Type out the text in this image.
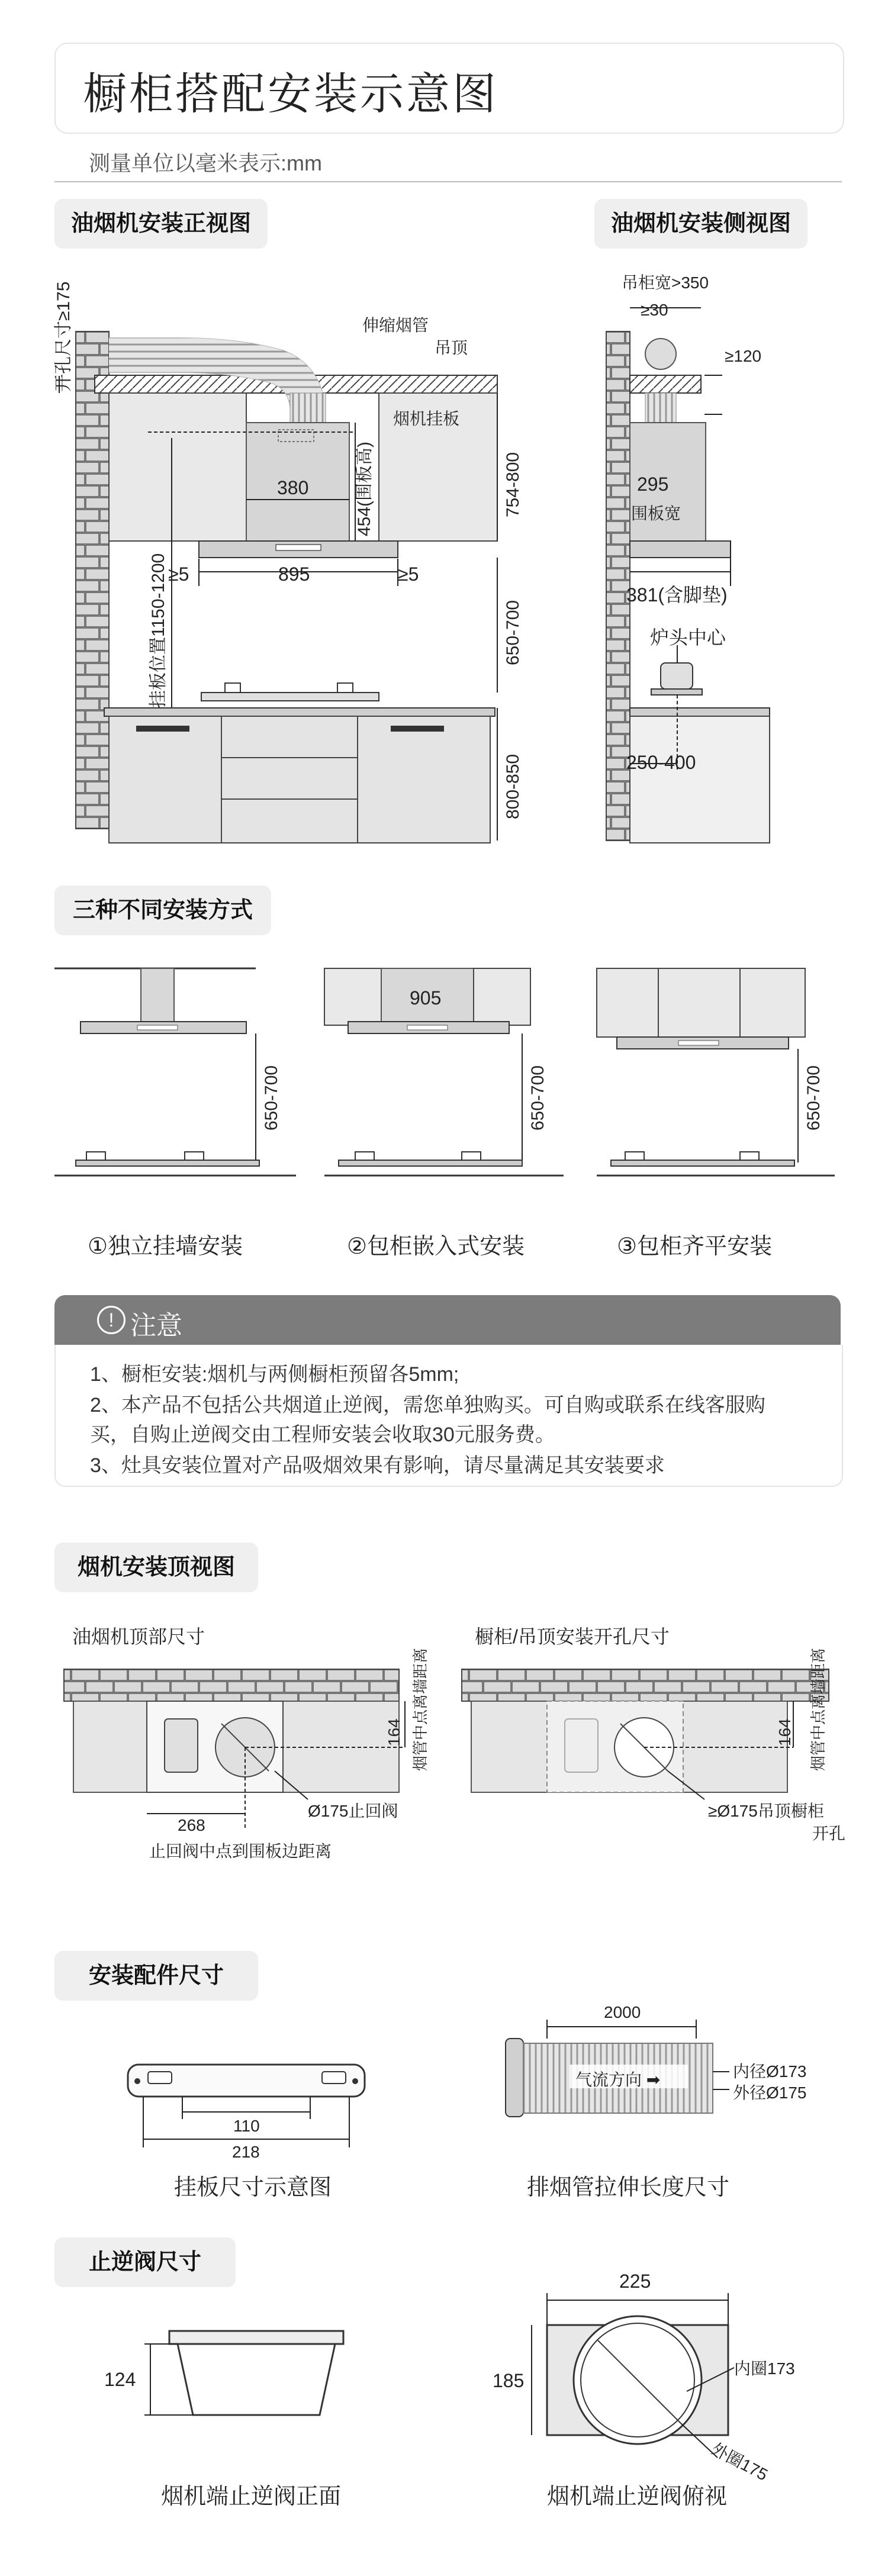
橱柜搭配安装示意图
测量单位以毫米表示:mm
油烟机安装正视图	油烟机安装侧视图
开孔尺寸≥175	伸缩烟管
吊顶
烟机挂板
380	454(围板高)	754-800
895
≥5	≥5
挂板位置1150-1200	650-700
800-850
吊柜宽>350
≥30
≥120
295
围板宽
381(含脚垫)
炉头中心
250-400
三种不同安装方式
905
650-700	650-700	650-700
①独立挂墙安装	②包柜嵌入式安装	③包柜齐平安装
! 注意
1、橱柜安装:烟机与两侧橱柜预留各5mm;
2、本产品不包括公共烟道止逆阀，需您单独购买。可自购或联系在线客服购
买，自购止逆阀交由工程师安装会收取30元服务费。
3、灶具安装位置对产品吸烟效果有影响，请尽量满足其安装要求
烟机安装顶视图
油烟机顶部尺寸	橱柜/吊顶安装开孔尺寸
烟管中点离墙距离	烟管中点离墙距离
164	164
Ø175止回阀
268
止回阀中点到围板边距离
≥Ø175吊顶橱柜
开孔
安装配件尺寸
110
218
挂板尺寸示意图
2000
气流方向 ➡	内径Ø173
外径Ø175
排烟管拉伸长度尺寸
止逆阀尺寸
124
烟机端止逆阀正面
225
185
内圈173
外圈175
烟机端止逆阀俯视
